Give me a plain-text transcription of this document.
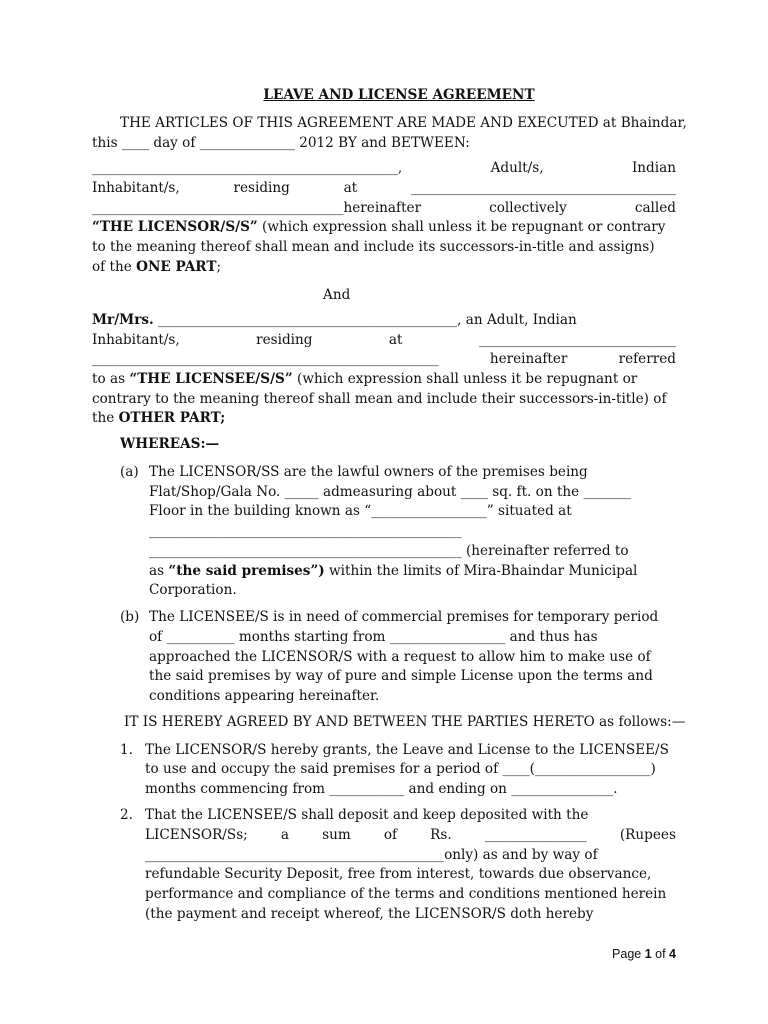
LEAVE AND LICENSE AGREEMENT
THE ARTICLES OF THIS AGREEMENT ARE MADE AND EXECUTED at Bhaindar,
this ____ day of ______________ 2012 BY and BETWEEN:
_____________________________________________,	Adult/s,	Indian
Inhabitant/s,	residing	at	_______________________________________
_____________________________________hereinafter	collectively	called
“THE LICENSOR/S/S” (which expression shall unless it be repugnant or contrary
to the meaning thereof shall mean and include its successors-in-title and assigns)
of the ONE PART;
And
Mr/Mrs. ____________________________________________, an Adult, Indian
Inhabitant/s,	residing	at	_____________________________
___________________________________________________	hereinafter	referred
to as “THE LICENSEE/S/S” (which expression shall unless it be repugnant or
contrary to the meaning thereof shall mean and include their successors-in-title) of
the OTHER PART;
WHEREAS:—
(a) The LICENSOR/SS are the lawful owners of the premises being
Flat/Shop/Gala No. _____ admeasuring about ____ sq. ft. on the _______
Floor in the building known as “_________________” situated at
______________________________________________
______________________________________________ (hereinafter referred to
as “the said premises”) within the limits of Mira-Bhaindar Municipal
Corporation.
(b) The LICENSEE/S is in need of commercial premises for temporary period
of __________ months starting from _________________ and thus has
approached the LICENSOR/S with a request to allow him to make use of
the said premises by way of pure and simple License upon the terms and
conditions appearing hereinafter.
IT IS HEREBY AGREED BY AND BETWEEN THE PARTIES HERETO as follows:—
1. The LICENSOR/S hereby grants, the Leave and License to the LICENSEE/S
to use and occupy the said premises for a period of ____(_________________)
months commencing from ___________ and ending on _______________.
2. That the LICENSEE/S shall deposit and keep deposited with the
LICENSOR/Ss; a sum of Rs. _______________ (Rupees
____________________________________________only) as and by way of
refundable Security Deposit, free from interest, towards due observance,
performance and compliance of the terms and conditions mentioned herein
(the payment and receipt whereof, the LICENSOR/S doth hereby
Page 1 of 4
